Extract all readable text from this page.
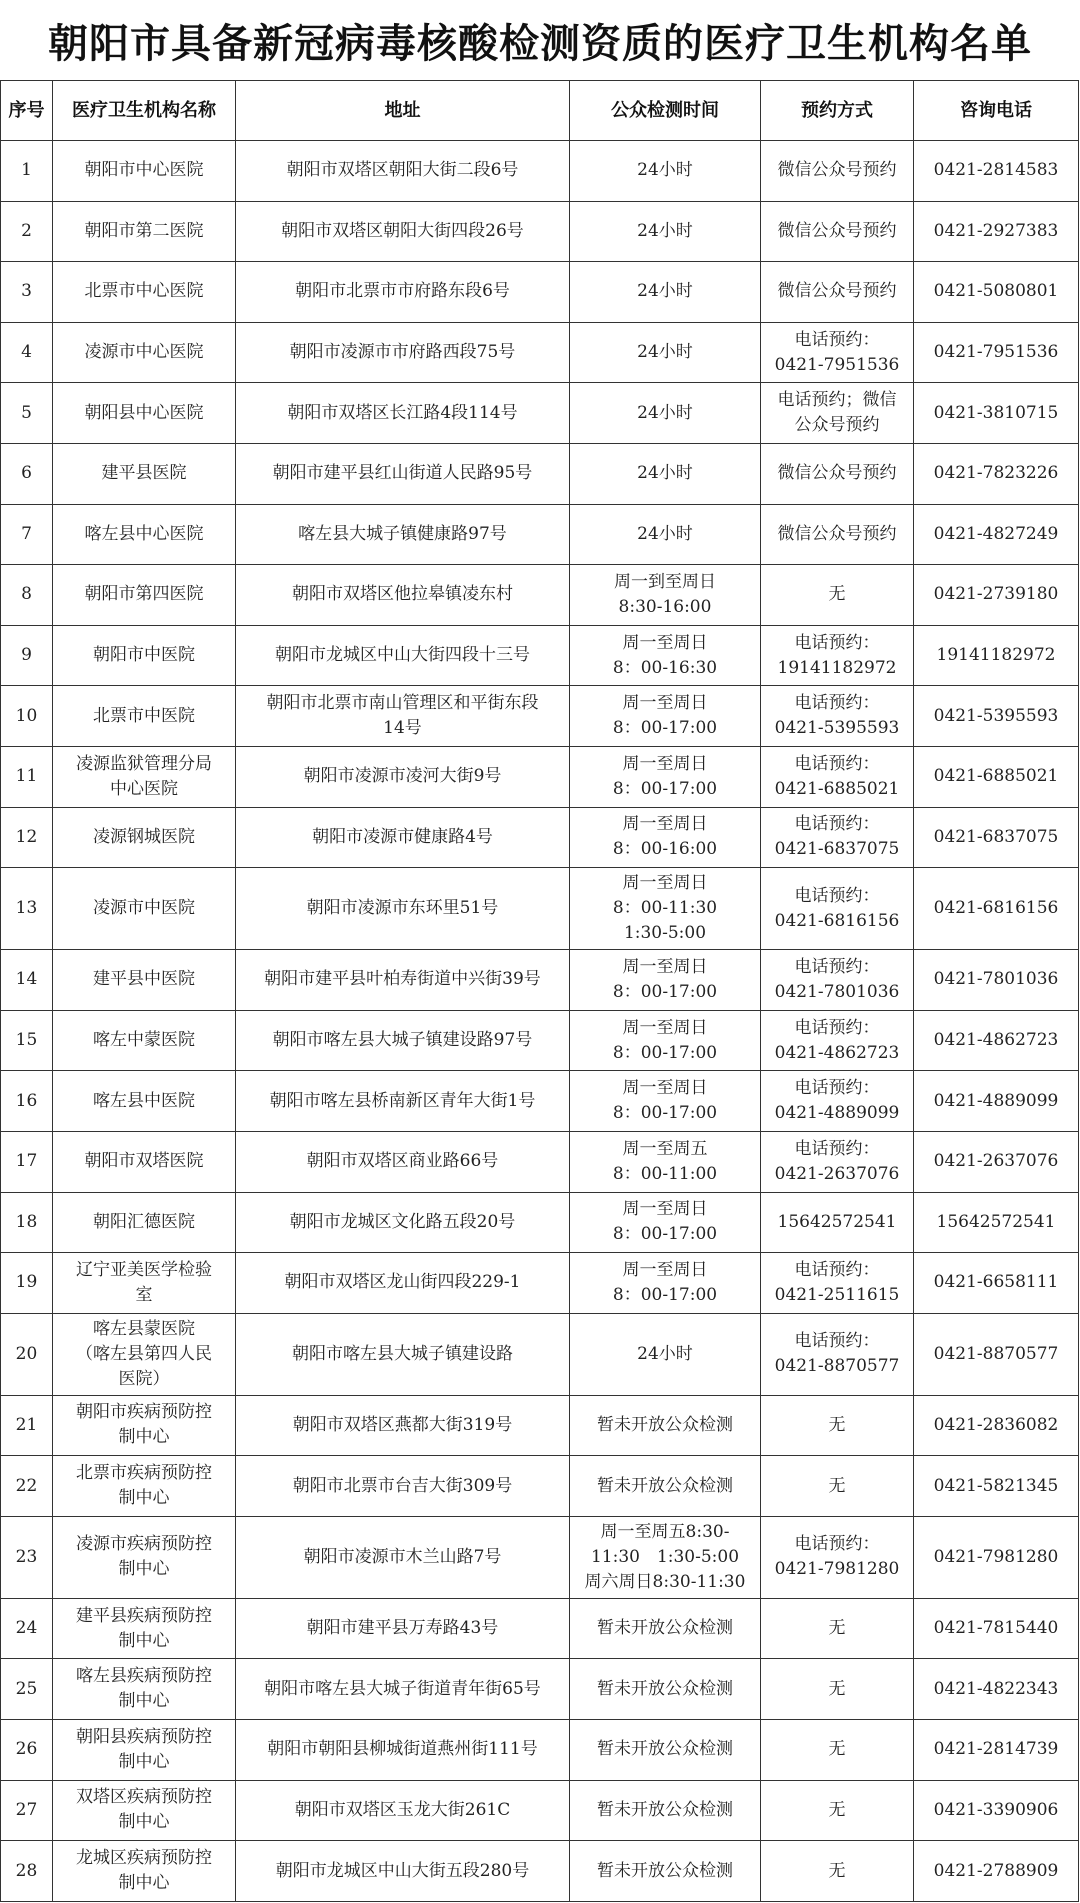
朝阳市具备新冠病毒核酸检测资质的医疗卫生机构名单
序号	医疗卫生机构名称	地址	公众检测时间	预约方式	咨询电话
1	朝阳市中心医院	朝阳市双塔区朝阳大街二段6号	24小时	微信公众号预约	0421-2814583
2	朝阳市第二医院	朝阳市双塔区朝阳大街四段26号	24小时	微信公众号预约	0421-2927383
3	北票市中心医院	朝阳市北票市市府路东段6号	24小时	微信公众号预约	0421-5080801
4	凌源市中心医院	朝阳市凌源市市府路西段75号	24小时	电话预约：
0421-7951536	0421-7951536
5	朝阳县中心医院	朝阳市双塔区长江路4段114号	24小时	电话预约；微信
公众号预约	0421-3810715
6	建平县医院	朝阳市建平县红山街道人民路95号	24小时	微信公众号预约	0421-7823226
7	喀左县中心医院	喀左县大城子镇健康路97号	24小时	微信公众号预约	0421-4827249
8	朝阳市第四医院	朝阳市双塔区他拉皋镇凌东村	周一到至周日
8:30-16:00	无	0421-2739180
9	朝阳市中医院	朝阳市龙城区中山大街四段十三号	周一至周日
8：00-16:30	电话预约：
19141182972	19141182972
10	北票市中医院	朝阳市北票市南山管理区和平街东段
14号	周一至周日
8：00-17:00	电话预约：
0421-5395593	0421-5395593
11	凌源监狱管理分局
中心医院	朝阳市凌源市凌河大街9号	周一至周日
8：00-17:00	电话预约：
0421-6885021	0421-6885021
12	凌源钢城医院	朝阳市凌源市健康路4号	周一至周日
8：00-16:00	电话预约：
0421-6837075	0421-6837075
13	凌源市中医院	朝阳市凌源市东环里51号	周一至周日
8：00-11:30
1:30-5:00	电话预约：
0421-6816156	0421-6816156
14	建平县中医院	朝阳市建平县叶柏寿街道中兴街39号	周一至周日
8：00-17:00	电话预约：
0421-7801036	0421-7801036
15	喀左中蒙医院	朝阳市喀左县大城子镇建设路97号	周一至周日
8：00-17:00	电话预约：
0421-4862723	0421-4862723
16	喀左县中医院	朝阳市喀左县桥南新区青年大街1号	周一至周日
8：00-17:00	电话预约：
0421-4889099	0421-4889099
17	朝阳市双塔医院	朝阳市双塔区商业路66号	周一至周五
8：00-11:00	电话预约：
0421-2637076	0421-2637076
18	朝阳汇德医院	朝阳市龙城区文化路五段20号	周一至周日
8：00-17:00	15642572541	15642572541
19	辽宁亚美医学检验
室	朝阳市双塔区龙山街四段229-1	周一至周日
8：00-17:00	电话预约：
0421-2511615	0421-6658111
20	喀左县蒙医院
（喀左县第四人民
医院）	朝阳市喀左县大城子镇建设路	24小时	电话预约：
0421-8870577	0421-8870577
21	朝阳市疾病预防控
制中心	朝阳市双塔区燕都大街319号	暂未开放公众检测	无	0421-2836082
22	北票市疾病预防控
制中心	朝阳市北票市台吉大街309号	暂未开放公众检测	无	0421-5821345
23	凌源市疾病预防控
制中心	朝阳市凌源市木兰山路7号	周一至周五8:30-
11:30　1:30-5:00
周六周日8:30-11:30	电话预约：
0421-7981280	0421-7981280
24	建平县疾病预防控
制中心	朝阳市建平县万寿路43号	暂未开放公众检测	无	0421-7815440
25	喀左县疾病预防控
制中心	朝阳市喀左县大城子街道青年街65号	暂未开放公众检测	无	0421-4822343
26	朝阳县疾病预防控
制中心	朝阳市朝阳县柳城街道燕州街111号	暂未开放公众检测	无	0421-2814739
27	双塔区疾病预防控
制中心	朝阳市双塔区玉龙大街261C	暂未开放公众检测	无	0421-3390906
28	龙城区疾病预防控
制中心	朝阳市龙城区中山大街五段280号	暂未开放公众检测	无	0421-2788909
